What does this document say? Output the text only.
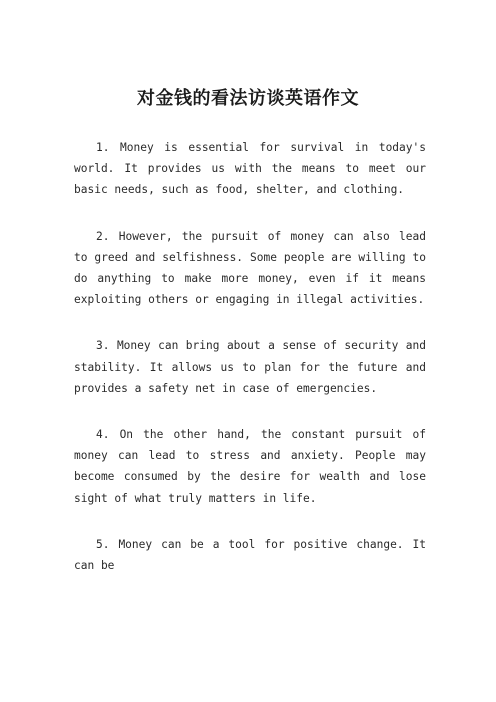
对金钱的看法访谈英语作文

1. Money is essential for survival in today's world. It provides us with the means to meet our basic needs, such as food, shelter, and clothing.

2. However, the pursuit of money can also lead to greed and selfishness. Some people are willing to do anything to make more money, even if it means exploiting others or engaging in illegal activities.

3. Money can bring about a sense of security and stability. It allows us to plan for the future and provides a safety net in case of emergencies.

4. On the other hand, the constant pursuit of money can lead to stress and anxiety. People may become consumed by the desire for wealth and lose sight of what truly matters in life.

5. Money can be a tool for positive change. It can be
